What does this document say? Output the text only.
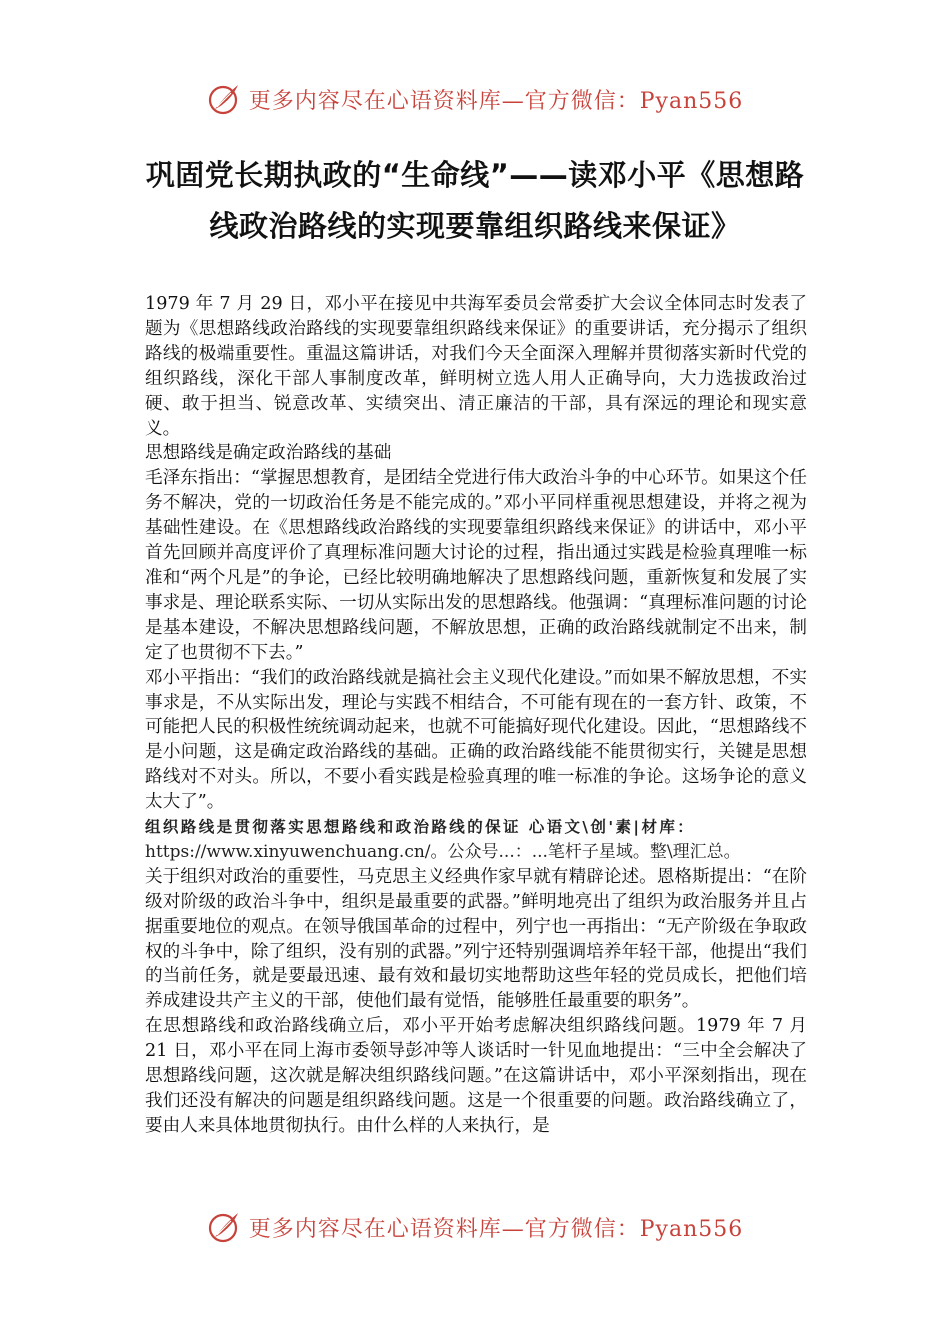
更多内容尽在心语资料库—官方微信：Pyan556
巩固党长期执政的“生命线”——读邓小平《思想路
线政治路线的实现要靠组织路线来保证》

1979 年 7 月 29 日，邓小平在接见中共海军委员会常委扩大会议全体同志时发表了题为《思想路线政治路线的实现要靠组织路线来保证》的重要讲话，充分揭示了组织路线的极端重要性。重温这篇讲话，对我们今天全面深入理解并贯彻落实新时代党的组织路线，深化干部人事制度改革，鲜明树立选人用人正确导向，大力选拔政治过硬、敢于担当、锐意改革、实绩突出、清正廉洁的干部，具有深远的理论和现实意义。

思想路线是确定政治路线的基础

毛泽东指出：“掌握思想教育，是团结全党进行伟大政治斗争的中心环节。如果这个任务不解决，党的一切政治任务是不能完成的。”邓小平同样重视思想建设，并将之视为基础性建设。在《思想路线政治路线的实现要靠组织路线来保证》的讲话中，邓小平首先回顾并高度评价了真理标准问题大讨论的过程，指出通过实践是检验真理唯一标准和“两个凡是”的争论，已经比较明确地解决了思想路线问题，重新恢复和发展了实事求是、理论联系实际、一切从实际出发的思想路线。他强调：“真理标准问题的讨论是基本建设，不解决思想路线问题，不解放思想，正确的政治路线就制定不出来，制定了也贯彻不下去。”

邓小平指出：“我们的政治路线就是搞社会主义现代化建设。”而如果不解放思想，不实事求是，不从实际出发，理论与实践不相结合，不可能有现在的一套方针、政策，不可能把人民的积极性统统调动起来，也就不可能搞好现代化建设。因此，“思想路线不是小问题，这是确定政治路线的基础。正确的政治路线能不能贯彻实行，关键是思想路线对不对头。所以，不要小看实践是检验真理的唯一标准的争论。这场争论的意义太大了”。

组织路线是贯彻落实思想路线和政治路线的保证 心语文\创'素|材库：
https://www.xinyuwenchuang.cn/。公众号...：...笔杆子星域。整\理汇总。

关于组织对政治的重要性，马克思主义经典作家早就有精辟论述。恩格斯提出：“在阶级对阶级的政治斗争中，组织是最重要的武器。”鲜明地亮出了组织为政治服务并且占据重要地位的观点。在领导俄国革命的过程中，列宁也一再指出：“无产阶级在争取政权的斗争中，除了组织，没有别的武器。”列宁还特别强调培养年轻干部，他提出“我们的当前任务，就是要最迅速、最有效和最切实地帮助这些年轻的党员成长，把他们培养成建设共产主义的干部，使他们最有觉悟，能够胜任最重要的职务”。

在思想路线和政治路线确立后，邓小平开始考虑解决组织路线问题。1979 年 7 月 21 日，邓小平在同上海市委领导彭冲等人谈话时一针见血地提出：“三中全会解决了思想路线问题，这次就是解决组织路线问题。”在这篇讲话中，邓小平深刻指出，现在我们还没有解决的问题是组织路线问题。这是一个很重要的问题。政治路线确立了，要由人来具体地贯彻执行。由什么样的人来执行，是

更多内容尽在心语资料库—官方微信：Pyan556
